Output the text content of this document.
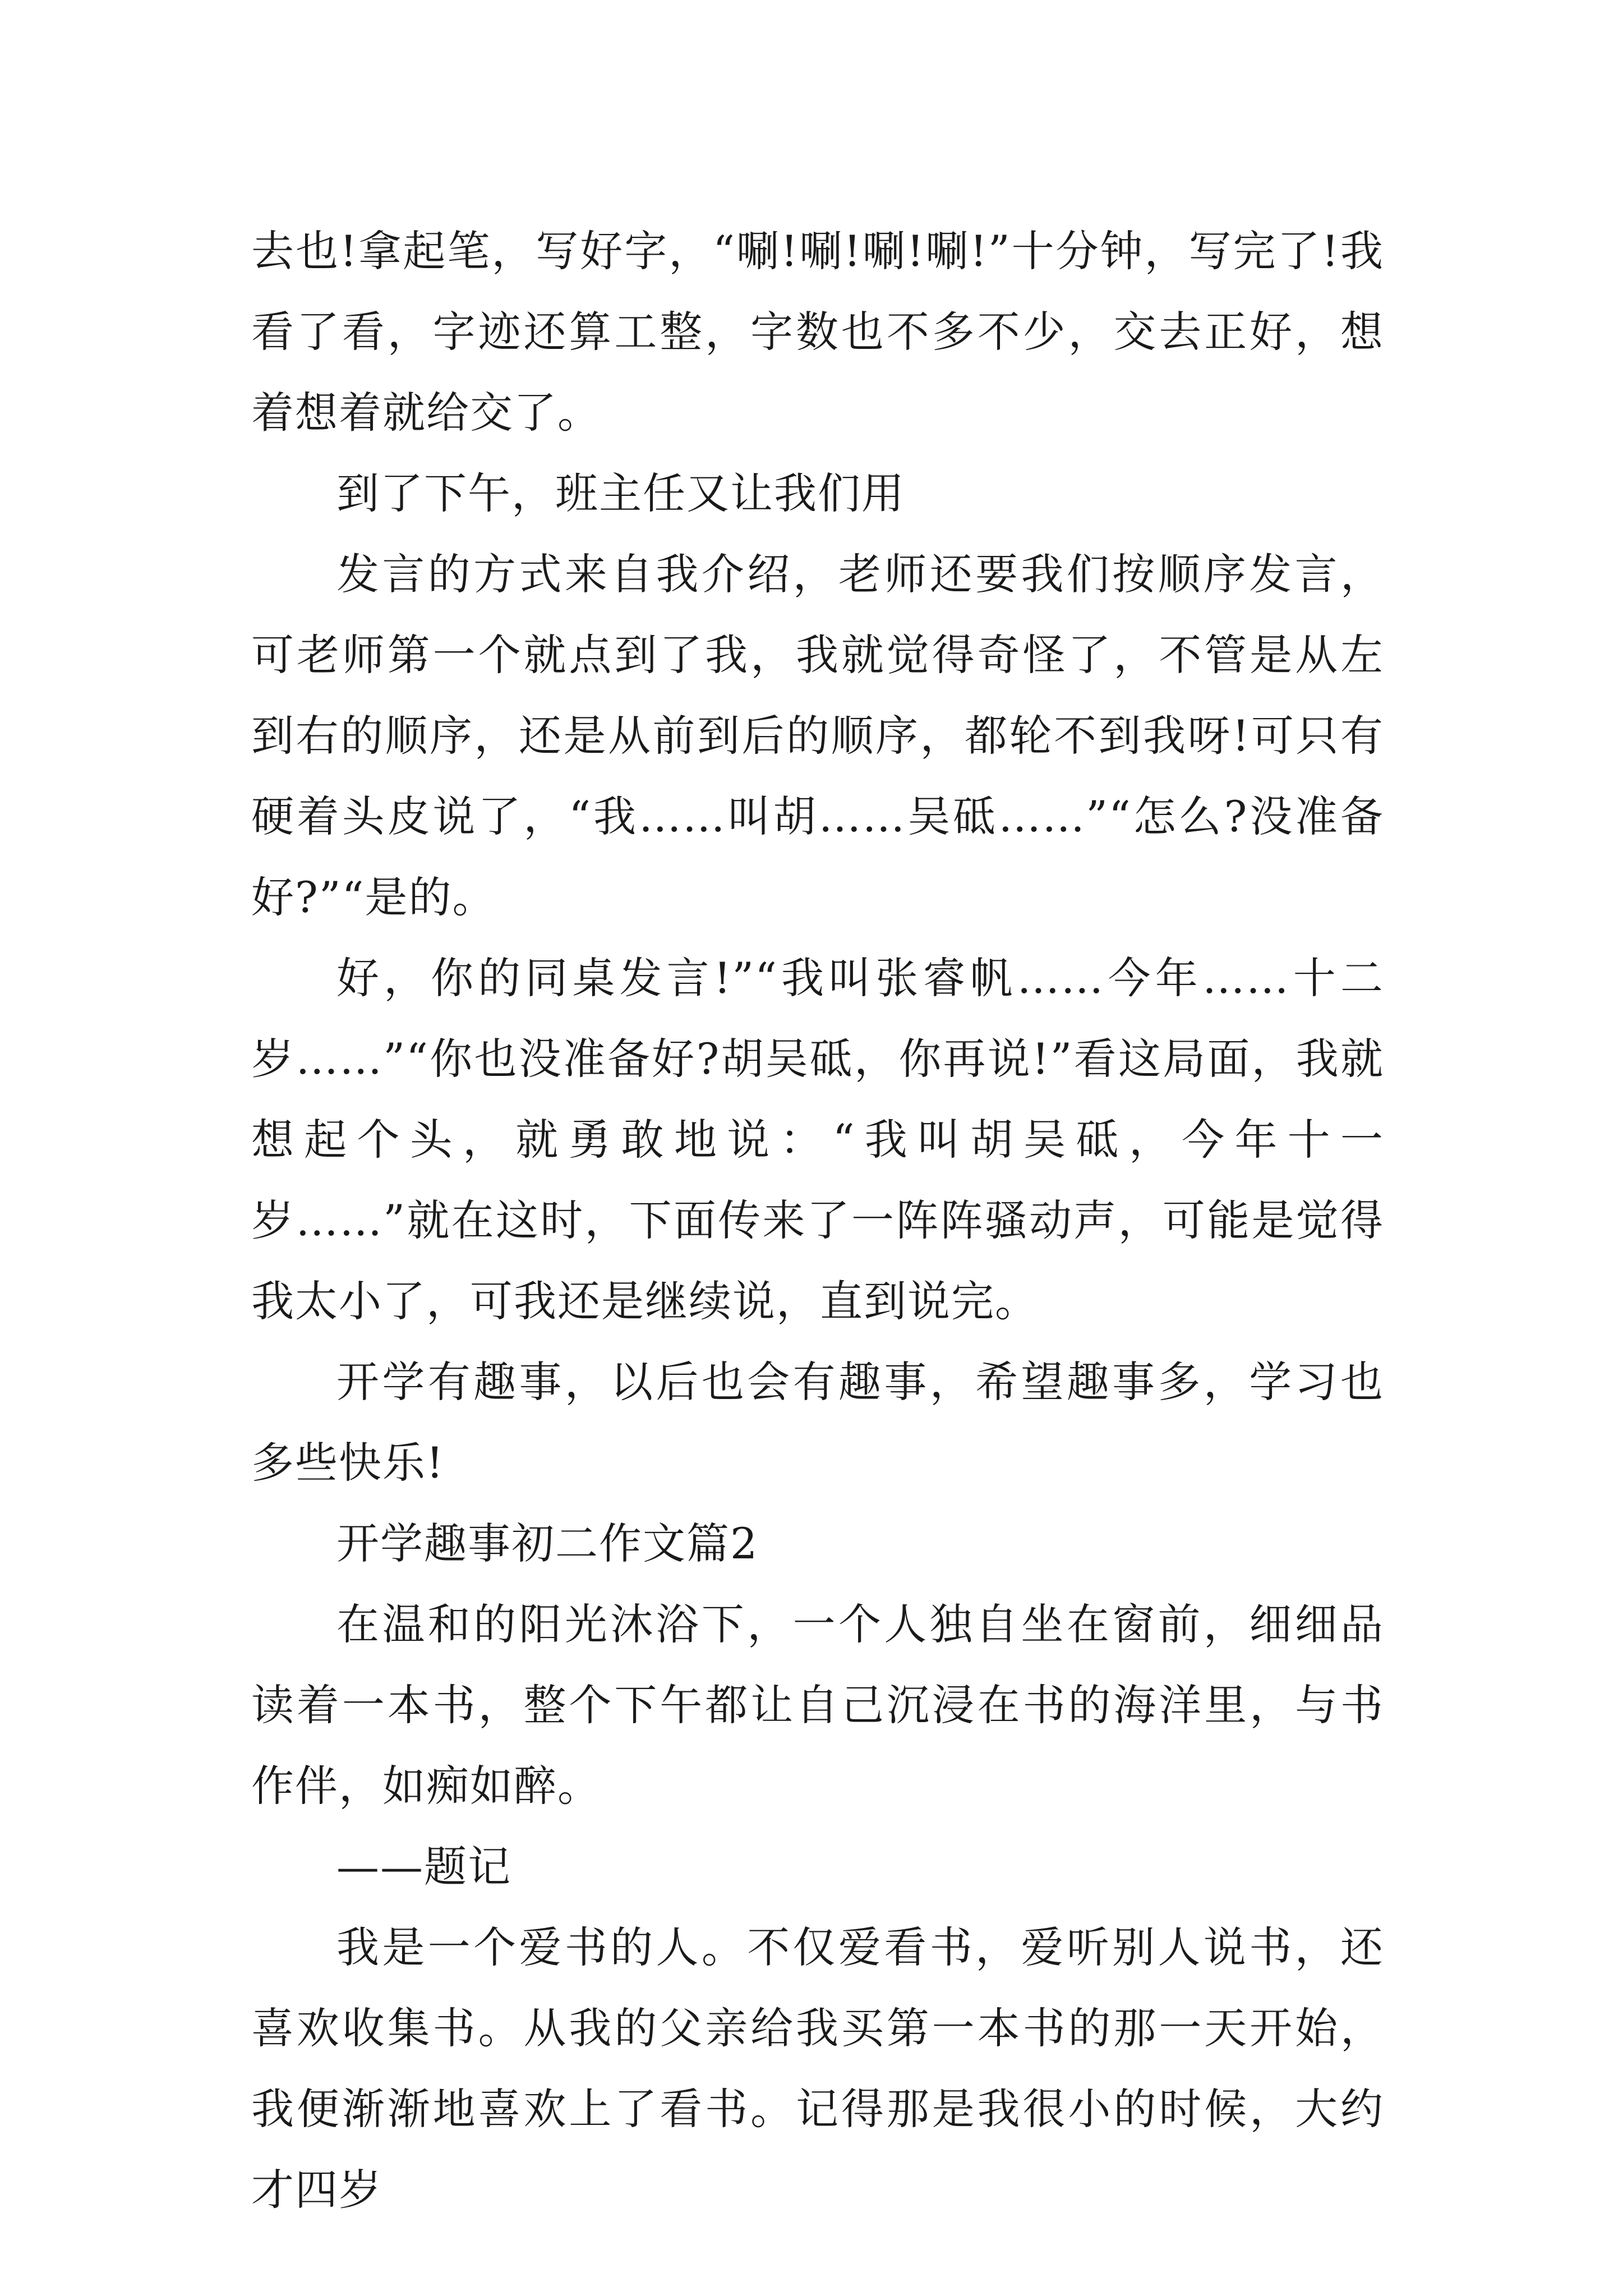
去也!拿起笔，写好字，“唰!唰!唰!唰!”十分钟，写完了!我看了看，字迹还算工整，字数也不多不少，交去正好，想着想着就给交了。

到了下午，班主任又让我们用

发言的方式来自我介绍，老师还要我们按顺序发言，可老师第一个就点到了我，我就觉得奇怪了，不管是从左到右的顺序，还是从前到后的顺序，都轮不到我呀!可只有硬着头皮说了，“我……叫胡……吴砥……”“怎么?没准备好?”“是的。

好，你的同桌发言!”“我叫张睿帆……今年……十二岁……”“你也没准备好?胡吴砥，你再说!”看这局面，我就想起个头，就勇敢地说：“我叫胡吴砥，今年十一岁……”就在这时，下面传来了一阵阵骚动声，可能是觉得我太小了，可我还是继续说，直到说完。

开学有趣事，以后也会有趣事，希望趣事多，学习也多些快乐!

开学趣事初二作文篇2

在温和的阳光沐浴下，一个人独自坐在窗前，细细品读着一本书，整个下午都让自己沉浸在书的海洋里，与书作伴，如痴如醉。

——题记

我是一个爱书的人。不仅爱看书，爱听别人说书，还喜欢收集书。从我的父亲给我买第一本书的那一天开始，我便渐渐地喜欢上了看书。记得那是我很小的时候，大约才四岁
